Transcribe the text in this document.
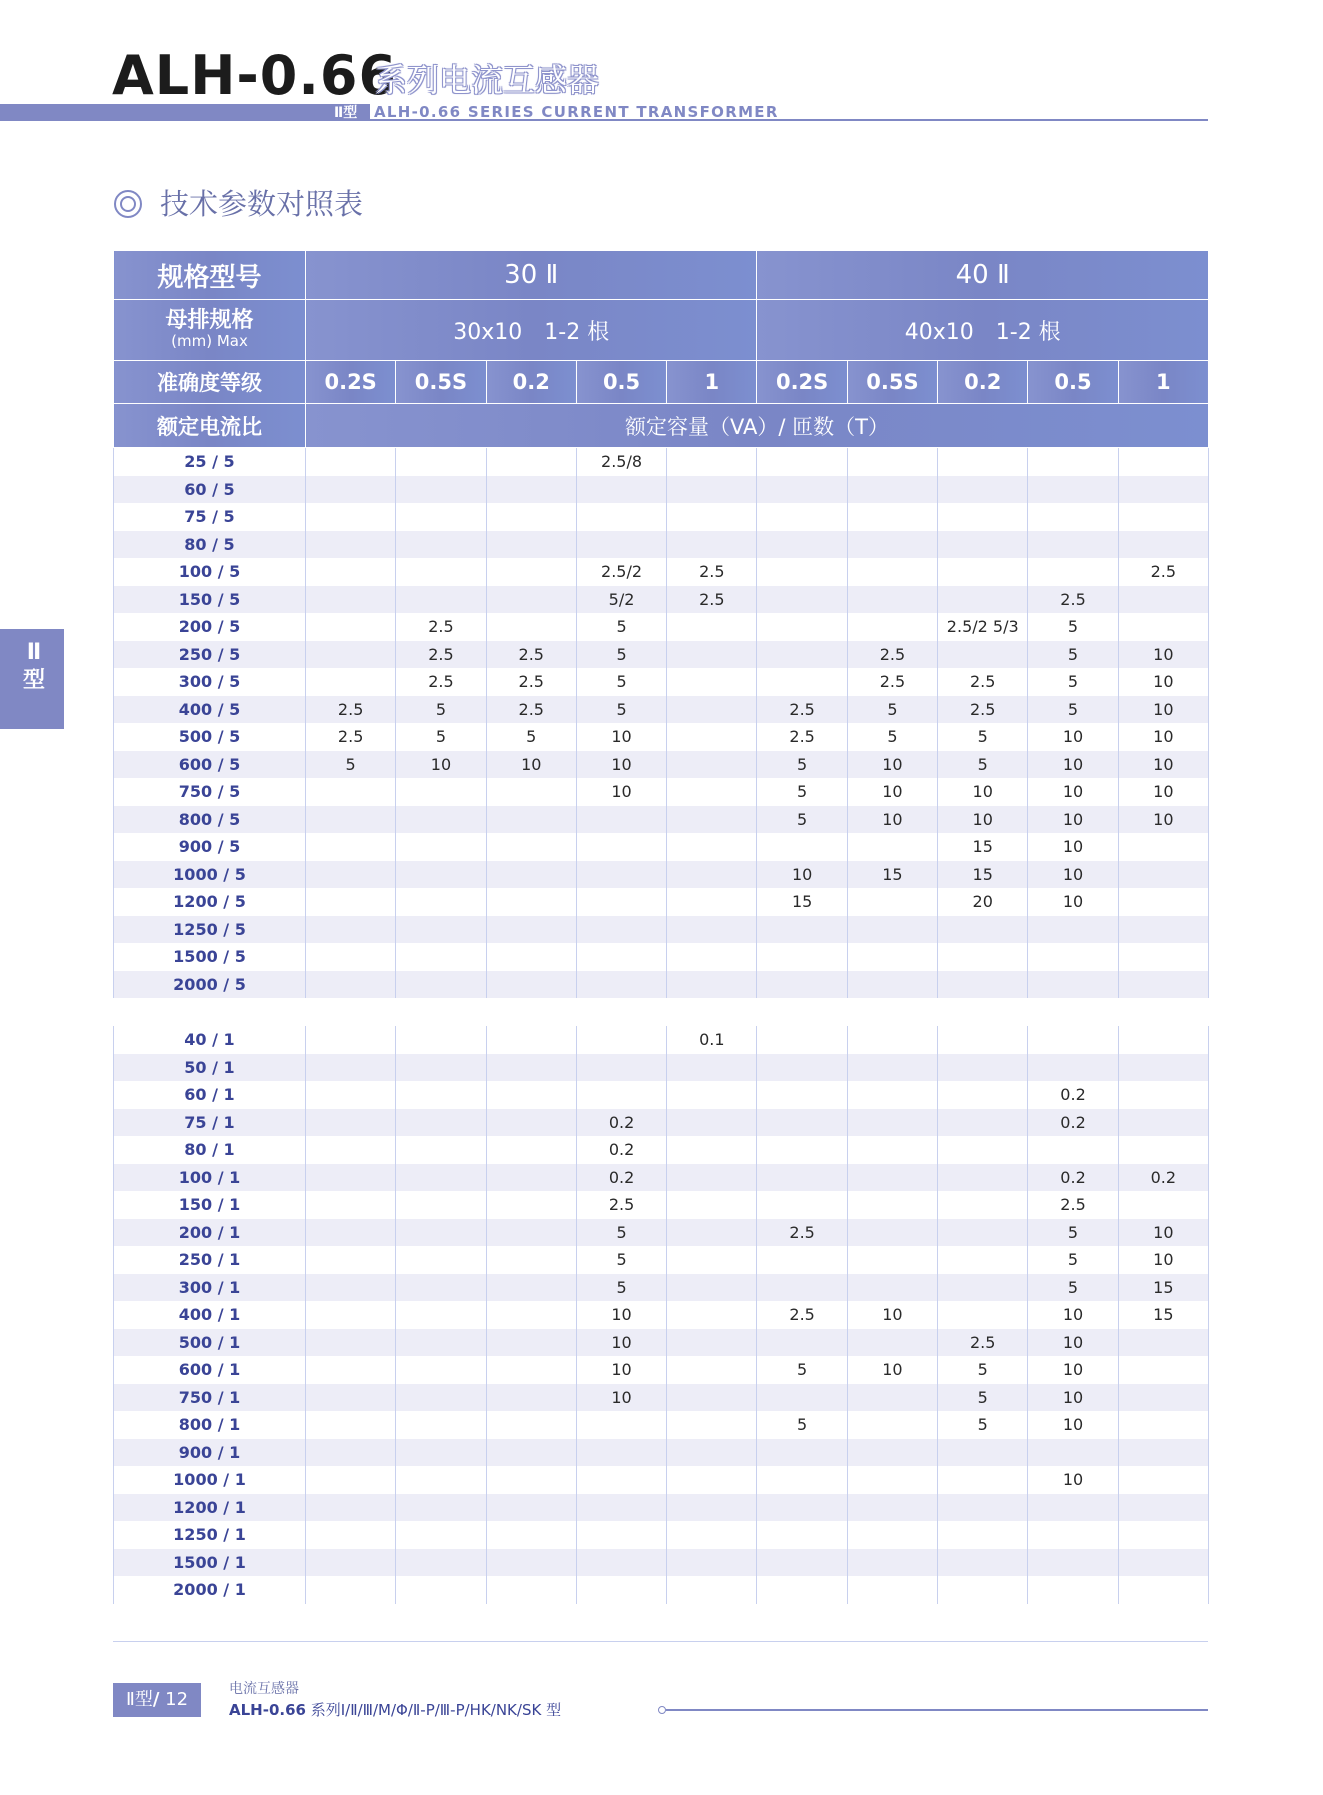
ALH-0.66
系列电流互感器
Ⅱ型 ALH-0.66 SERIES CURRENT TRANSFORMER
技术参数对照表
Ⅱ型
规格型号	30 Ⅱ					40 Ⅱ				
母排规格
(mm) Max	30x10　1-2 根					40x10　1-2 根				
准确度等级	0.2S	0.5S	0.2	0.5	1	0.2S	0.5S	0.2	0.5	1
额定电流比	额定容量（VA）/ 匝数（T）									
25 / 5				2.5/8						
60 / 5										
75 / 5										
80 / 5										
100 / 5				2.5/2	2.5					2.5
150 / 5				5/2	2.5				2.5	
200 / 5		2.5		5				2.5/2 5/3	5	
250 / 5		2.5	2.5	5			2.5		5	10
300 / 5		2.5	2.5	5			2.5	2.5	5	10
400 / 5	2.5	5	2.5	5		2.5	5	2.5	5	10
500 / 5	2.5	5	5	10		2.5	5	5	10	10
600 / 5	5	10	10	10		5	10	5	10	10
750 / 5				10		5	10	10	10	10
800 / 5						5	10	10	10	10
900 / 5								15	10	
1000 / 5						10	15	15	10	
1200 / 5						15		20	10	
1250 / 5										
1500 / 5										
2000 / 5										

40 / 1					0.1					
50 / 1										
60 / 1									0.2	
75 / 1				0.2					0.2	
80 / 1				0.2						
100 / 1				0.2					0.2	0.2
150 / 1				2.5					2.5	
200 / 1				5		2.5			5	10
250 / 1				5					5	10
300 / 1				5					5	15
400 / 1				10		2.5	10		10	15
500 / 1				10				2.5	10	
600 / 1				10		5	10	5	10	
750 / 1				10				5	10	
800 / 1						5		5	10	
900 / 1										
1000 / 1									10	
1200 / 1										
1250 / 1										
1500 / 1										
2000 / 1										
Ⅱ型/ 12	电流互感器
ALH-0.66 系列Ⅰ/Ⅱ/Ⅲ/M/Φ/Ⅱ-P/Ⅲ-P/HK/NK/SK 型
